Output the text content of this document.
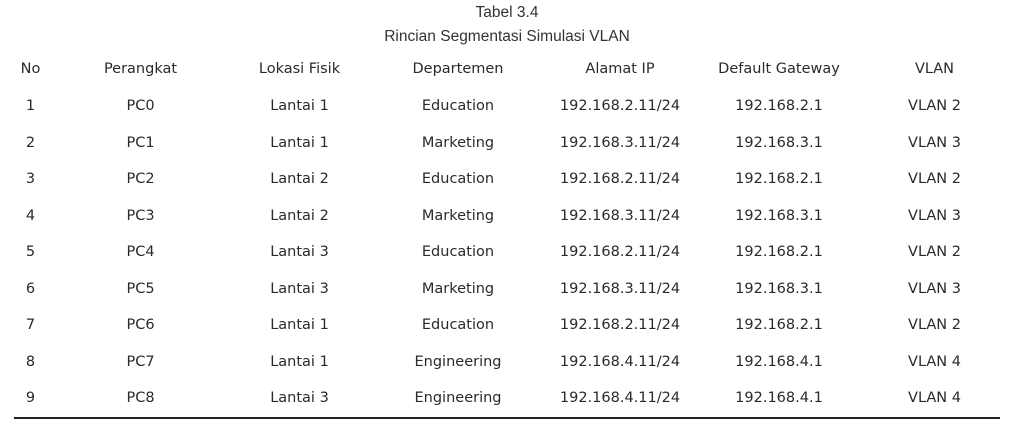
Tabel 3.4
Rincian Segmentasi Simulasi VLAN
No	Perangkat	Lokasi Fisik	Departemen	Alamat IP	Default Gateway	VLAN
1	PC0	Lantai 1	Education	192.168.2.11/24	192.168.2.1	VLAN 2
2	PC1	Lantai 1	Marketing	192.168.3.11/24	192.168.3.1	VLAN 3
3	PC2	Lantai 2	Education	192.168.2.11/24	192.168.2.1	VLAN 2
4	PC3	Lantai 2	Marketing	192.168.3.11/24	192.168.3.1	VLAN 3
5	PC4	Lantai 3	Education	192.168.2.11/24	192.168.2.1	VLAN 2
6	PC5	Lantai 3	Marketing	192.168.3.11/24	192.168.3.1	VLAN 3
7	PC6	Lantai 1	Education	192.168.2.11/24	192.168.2.1	VLAN 2
8	PC7	Lantai 1	Engineering	192.168.4.11/24	192.168.4.1	VLAN 4
9	PC8	Lantai 3	Engineering	192.168.4.11/24	192.168.4.1	VLAN 4
